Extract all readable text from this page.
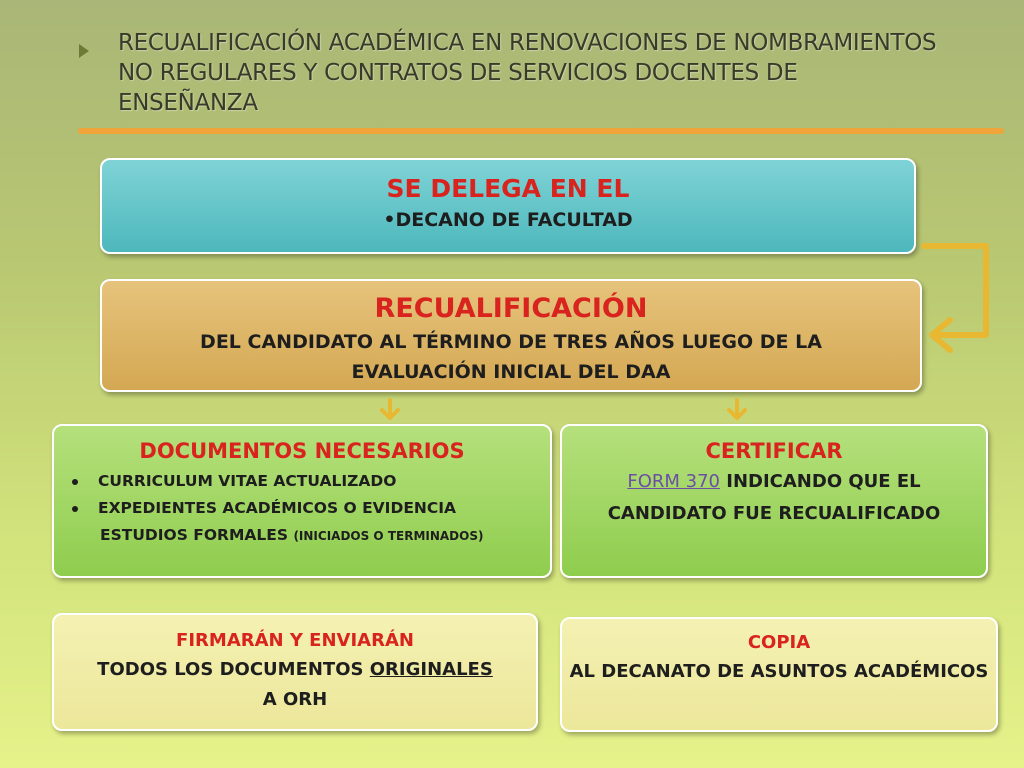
RECUALIFICACIÓN ACADÉMICA EN RENOVACIONES DE NOMBRAMIENTOS NO REGULARES Y CONTRATOS DE SERVICIOS DOCENTES DE ENSEÑANZA
SE DELEGA EN EL
•DECANO DE FACULTAD
RECUALIFICACIÓN
DEL CANDIDATO AL TÉRMINO DE TRES AÑOS LUEGO DE LA EVALUACIÓN INICIAL DEL DAA
DOCUMENTOS NECESARIOS
CURRICULUM VITAE ACTUALIZADO
EXPEDIENTES ACADÉMICOS O EVIDENCIA
ESTUDIOS FORMALES (INICIADOS O TERMINADOS)
CERTIFICAR
FORM 370 INDICANDO QUE EL CANDIDATO FUE RECUALIFICADO
FIRMARÁN Y ENVIARÁN
TODOS LOS DOCUMENTOS ORIGINALES
A ORH
COPIA
AL DECANATO DE ASUNTOS ACADÉMICOS
